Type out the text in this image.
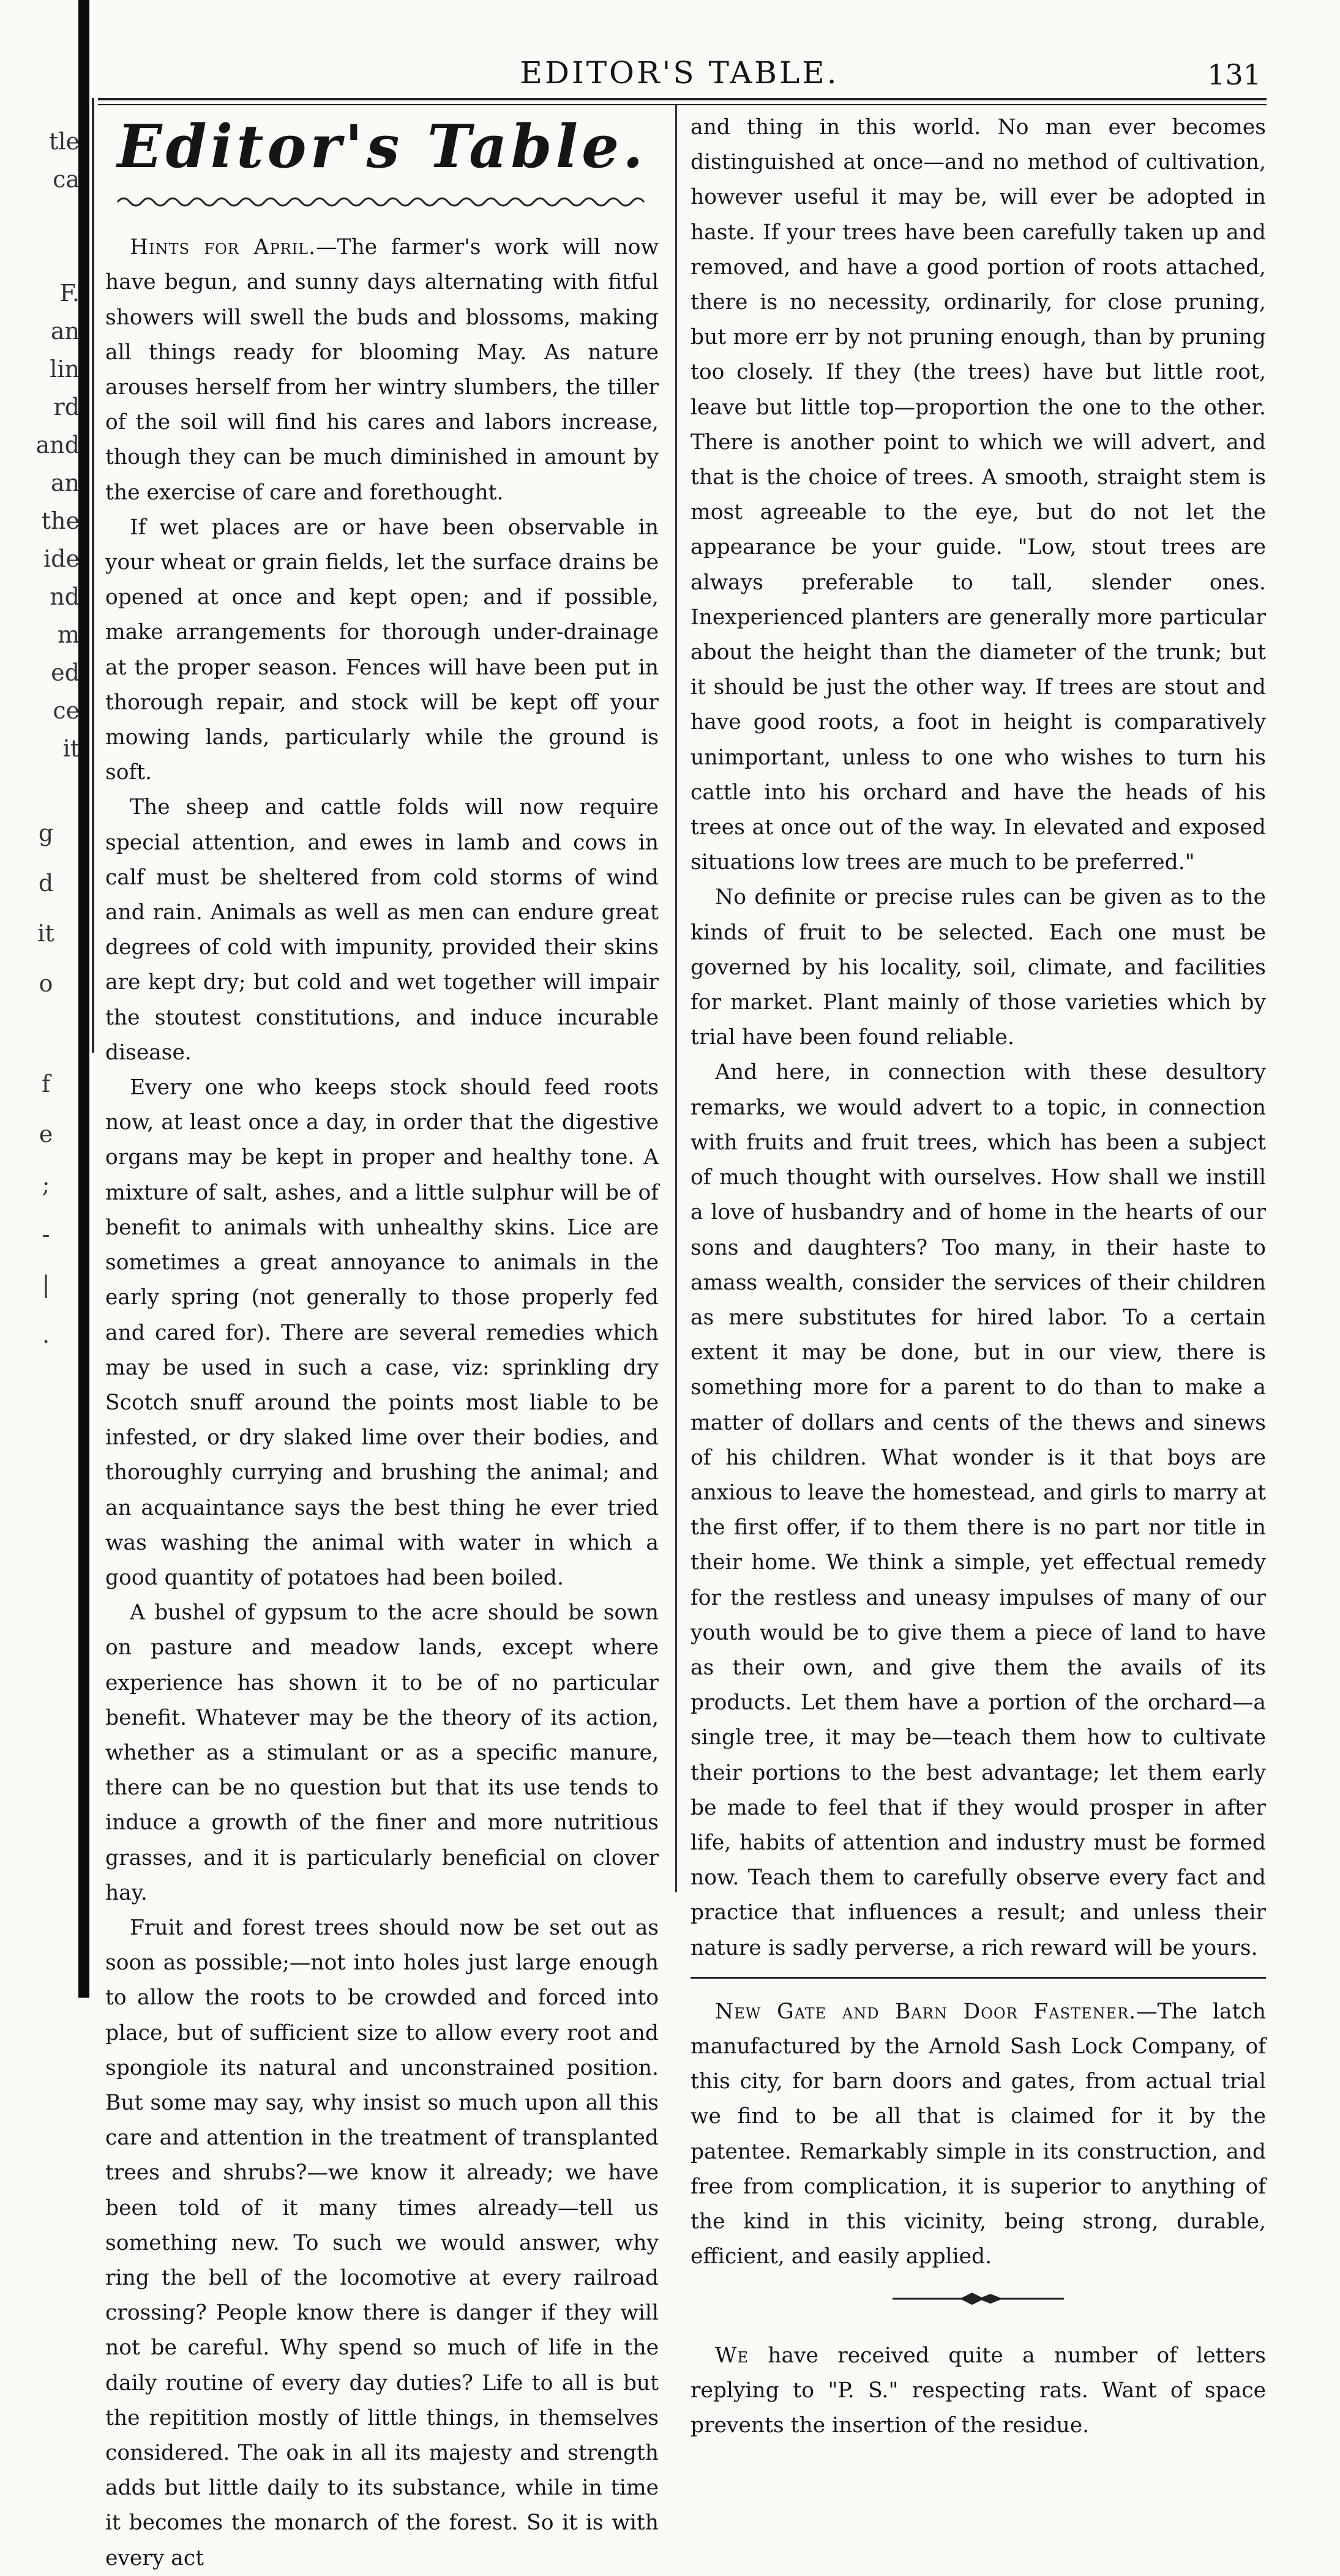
tle
ca
F.
an
lin
rd
and
an
the
ide
nd
m
ed
ce
it
g
d
it
o
f
e
;
-
|
.
EDITOR'S TABLE.	131
Editor's Table.

Hints for April.—The farmer's work will now have begun, and sunny days alternating with fitful showers will swell the buds and blossoms, making all things ready for blooming May. As nature arouses herself from her wintry slumbers, the tiller of the soil will find his cares and labors increase, though they can be much diminished in amount by the exercise of care and forethought.

If wet places are or have been observable in your wheat or grain fields, let the surface drains be opened at once and kept open; and if possible, make arrangements for thorough under-drainage at the proper season. Fences will have been put in thorough repair, and stock will be kept off your mowing lands, particularly while the ground is soft.

The sheep and cattle folds will now require special attention, and ewes in lamb and cows in calf must be sheltered from cold storms of wind and rain. Animals as well as men can endure great degrees of cold with impunity, provided their skins are kept dry; but cold and wet together will impair the stoutest constitutions, and induce incurable disease.

Every one who keeps stock should feed roots now, at least once a day, in order that the digestive organs may be kept in proper and healthy tone. A mixture of salt, ashes, and a little sulphur will be of benefit to animals with unhealthy skins. Lice are sometimes a great annoyance to animals in the early spring (not generally to those properly fed and cared for). There are several remedies which may be used in such a case, viz: sprinkling dry Scotch snuff around the points most liable to be infested, or dry slaked lime over their bodies, and thoroughly currying and brushing the animal; and an acquaintance says the best thing he ever tried was washing the animal with water in which a good quantity of potatoes had been boiled.

A bushel of gypsum to the acre should be sown on pasture and meadow lands, except where experience has shown it to be of no particular benefit. Whatever may be the theory of its action, whether as a stimulant or as a specific manure, there can be no question but that its use tends to induce a growth of the finer and more nutritious grasses, and it is particularly beneficial on clover hay.

Fruit and forest trees should now be set out as soon as possible;—not into holes just large enough to allow the roots to be crowded and forced into place, but of sufficient size to allow every root and spongiole its natural and unconstrained position. But some may say, why insist so much upon all this care and attention in the treatment of transplanted trees and shrubs?—we know it already; we have been told of it many times already—tell us something new. To such we would answer, why ring the bell of the locomotive at every railroad crossing? People know there is danger if they will not be careful. Why spend so much of life in the daily routine of every day duties? Life to all is but the repitition mostly of little things, in themselves considered. The oak in all its majesty and strength adds but little daily to its substance, while in time it becomes the monarch of the forest. So it is with every act

and thing in this world. No man ever becomes distinguished at once—and no method of cultivation, however useful it may be, will ever be adopted in haste. If your trees have been carefully taken up and removed, and have a good portion of roots attached, there is no necessity, ordinarily, for close pruning, but more err by not pruning enough, than by pruning too closely. If they (the trees) have but little root, leave but little top—proportion the one to the other. There is another point to which we will advert, and that is the choice of trees. A smooth, straight stem is most agreeable to the eye, but do not let the appearance be your guide. "Low, stout trees are always preferable to tall, slender ones. Inexperienced planters are generally more particular about the height than the diameter of the trunk; but it should be just the other way. If trees are stout and have good roots, a foot in height is comparatively unimportant, unless to one who wishes to turn his cattle into his orchard and have the heads of his trees at once out of the way. In elevated and exposed situations low trees are much to be preferred."

No definite or precise rules can be given as to the kinds of fruit to be selected. Each one must be governed by his locality, soil, climate, and facilities for market. Plant mainly of those varieties which by trial have been found reliable.

And here, in connection with these desultory remarks, we would advert to a topic, in connection with fruits and fruit trees, which has been a subject of much thought with ourselves. How shall we instill a love of husbandry and of home in the hearts of our sons and daughters? Too many, in their haste to amass wealth, consider the services of their children as mere substitutes for hired labor. To a certain extent it may be done, but in our view, there is something more for a parent to do than to make a matter of dollars and cents of the thews and sinews of his children. What wonder is it that boys are anxious to leave the homestead, and girls to marry at the first offer, if to them there is no part nor title in their home. We think a simple, yet effectual remedy for the restless and uneasy impulses of many of our youth would be to give them a piece of land to have as their own, and give them the avails of its products. Let them have a portion of the orchard—a single tree, it may be—teach them how to cultivate their portions to the best advantage; let them early be made to feel that if they would prosper in after life, habits of attention and industry must be formed now. Teach them to carefully observe every fact and practice that influences a result; and unless their nature is sadly perverse, a rich reward will be yours.

New Gate and Barn Door Fastener.—The latch manufactured by the Arnold Sash Lock Company, of this city, for barn doors and gates, from actual trial we find to be all that is claimed for it by the patentee. Remarkably simple in its construction, and free from complication, it is superior to anything of the kind in this vicinity, being strong, durable, efficient, and easily applied.

We have received quite a number of letters replying to "P. S." respecting rats. Want of space prevents the insertion of the residue.
